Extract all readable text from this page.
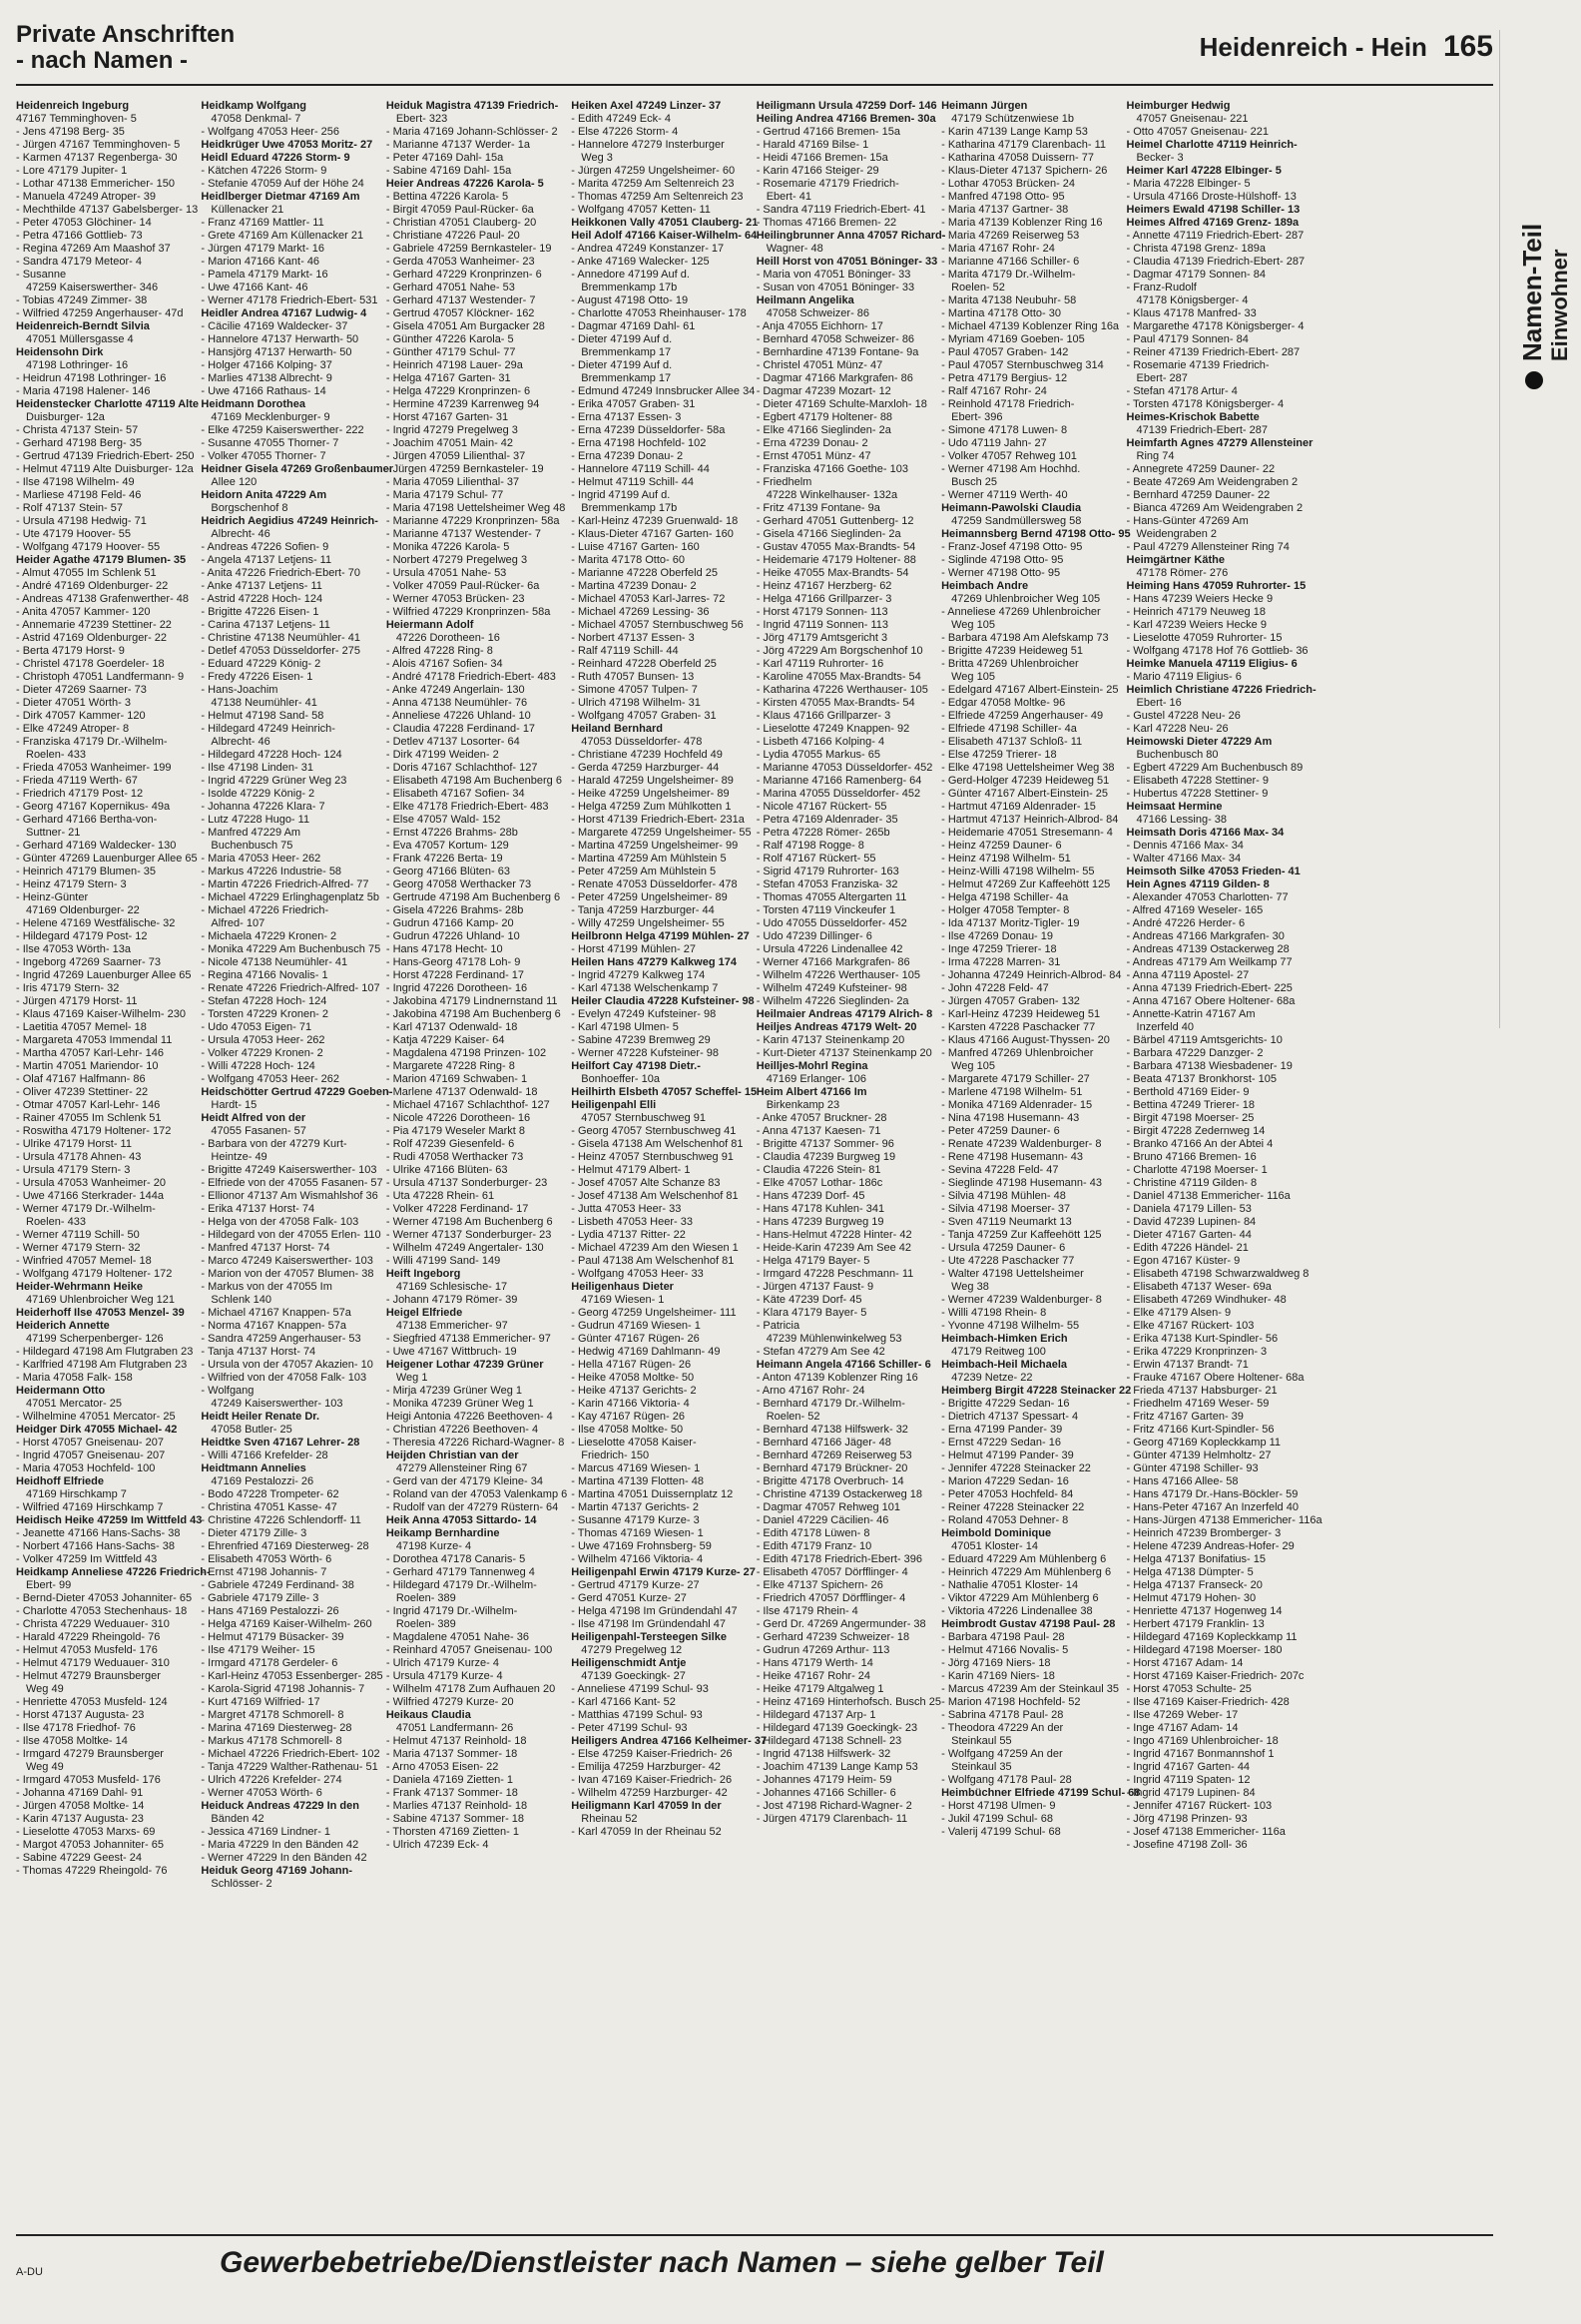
Private Anschriften
- nach Namen -	Heidenreich - Hein 165
Heidenreich Ingeburg
47167 Temminghoven- 5
- Jens 47198 Berg- 35
- Jürgen 47167 Temminghoven- 5
- Karmen 47137 Regenberga- 30
- Lore 47179 Jupiter- 1
- Lothar 47138 Emmericher- 150
- Manuela 47249 Atroper- 39
- Mechthilde 47137 Gabelsberger- 13
- Peter 47053 Glöchiner- 14
- Petra 47166 Gottlieb- 73
- Regina 47269 Am Maashof 37
- Sandra 47179 Meteor- 4
- Susanne
47259 Kaiserswerther- 346
- Tobias 47249 Zimmer- 38
- Wilfried 47259 Angerhauser- 47d
Heidenreich-Berndt Silvia
47051 Müllersgasse 4
Heidensohn Dirk
47198 Lothringer- 16
- Heidrun 47198 Lothringer- 16
- Maria 47198 Halener- 146
Heidenstecker Charlotte 47119 Alte
Duisburger- 12a
- Christa 47137 Stein- 57
- Gerhard 47198 Berg- 35
- Gertrud 47139 Friedrich-Ebert- 250
- Helmut 47119 Alte Duisburger- 12a
- Ilse 47198 Wilhelm- 49
- Marliese 47198 Feld- 46
- Rolf 47137 Stein- 57
- Ursula 47198 Hedwig- 71
- Ute 47179 Hoover- 55
- Wolfgang 47179 Hoover- 55
Heider Agathe 47179 Blumen- 35
- Almut 47055 Im Schlenk 51
- André 47169 Oldenburger- 22
- Andreas 47138 Grafenwerther- 48
- Anita 47057 Kammer- 120
- Annemarie 47239 Stettiner- 22
- Astrid 47169 Oldenburger- 22
- Berta 47179 Horst- 9
- Christel 47178 Goerdeler- 18
- Christoph 47051 Landfermann- 9
- Dieter 47269 Saarner- 73
- Dieter 47051 Wörth- 3
- Dirk 47057 Kammer- 120
- Elke 47249 Atroper- 8
- Franziska 47179 Dr.-Wilhelm-
Roelen- 433
- Frieda 47053 Wanheimer- 199
- Frieda 47119 Werth- 67
- Friedrich 47179 Post- 12
- Georg 47167 Kopernikus- 49a
- Gerhard 47166 Bertha-von-
Suttner- 21
- Gerhard 47169 Waldecker- 130
- Günter 47269 Lauenburger Allee 65
- Heinrich 47179 Blumen- 35
- Heinz 47179 Stern- 3
- Heinz-Günter
47169 Oldenburger- 22
- Helene 47169 Westfälische- 32
- Hildegard 47179 Post- 12
- Ilse 47053 Wörth- 13a
- Ingeborg 47269 Saarner- 73
- Ingrid 47269 Lauenburger Allee 65
- Iris 47179 Stern- 32
- Jürgen 47179 Horst- 11
- Klaus 47169 Kaiser-Wilhelm- 230
- Laetitia 47057 Memel- 18
- Margareta 47053 Immendal 11
- Martha 47057 Karl-Lehr- 146
- Martin 47051 Mariendor- 10
- Olaf 47167 Halfmann- 86
- Oliver 47239 Stettiner- 22
- Otmar 47057 Karl-Lehr- 146
- Rainer 47055 Im Schlenk 51
- Roswitha 47179 Holtener- 172
- Ulrike 47179 Horst- 11
- Ursula 47178 Ahnen- 43
- Ursula 47179 Stern- 3
- Ursula 47053 Wanheimer- 20
- Uwe 47166 Sterkrader- 144a
- Werner 47179 Dr.-Wilhelm-
Roelen- 433
- Werner 47119 Schill- 50
- Werner 47179 Stern- 32
- Winfried 47057 Memel- 18
- Wolfgang 47179 Holtener- 172
Heider-Wehrmann Heike
47169 Uhlenbroicher Weg 121
Heiderhoff Ilse 47053 Menzel- 39
Heiderich Annette
47199 Scherpenberger- 126
- Hildegard 47198 Am Flutgraben 23
- Karlfried 47198 Am Flutgraben 23
- Maria 47058 Falk- 158
Heidermann Otto
47051 Mercator- 25
- Wilhelmine 47051 Mercator- 25
Heidger Dirk 47055 Michael- 42
- Horst 47057 Gneisenau- 207
- Ingrid 47057 Gneisenau- 207
- Maria 47053 Hochfeld- 100
Heidhoff Elfriede
47169 Hirschkamp 7
- Wilfried 47169 Hirschkamp 7
Heidisch Heike 47259 Im Wittfeld 43
- Jeanette 47166 Hans-Sachs- 38
- Norbert 47166 Hans-Sachs- 38
- Volker 47259 Im Wittfeld 43
Heidkamp Anneliese 47226 Friedrich-
Ebert- 99
- Bernd-Dieter 47053 Johanniter- 65
- Charlotte 47053 Stechenhaus- 18
- Christa 47229 Weduauer- 310
- Harald 47229 Rheingold- 76
- Helmut 47053 Musfeld- 176
- Helmut 47179 Weduauer- 310
- Helmut 47279 Braunsberger
Weg 49
- Henriette 47053 Musfeld- 124
- Horst 47137 Augusta- 23
- Ilse 47178 Friedhof- 76
- Ilse 47058 Moltke- 14
- Irmgard 47279 Braunsberger
Weg 49
- Irmgard 47053 Musfeld- 176
- Johanna 47169 Dahl- 91
- Jürgen 47058 Moltke- 14
- Karin 47137 Augusta- 23
- Lieselotte 47053 Marxs- 69
- Margot 47053 Johanniter- 65
- Sabine 47229 Geest- 24
- Thomas 47229 Rheingold- 76
Heidkamp Wolfgang
47058 Denkmal- 7
- Wolfgang 47053 Heer- 256
Heidkrüger Uwe 47053 Moritz- 27
Heidl Eduard 47226 Storm- 9
- Kätchen 47226 Storm- 9
- Stefanie 47059 Auf der Höhe 24
Heidlberger Dietmar 47169 Am
Küllenacker 21
- Franz 47169 Mattler- 11
- Grete 47169 Am Küllenacker 21
- Jürgen 47179 Markt- 16
- Marion 47166 Kant- 46
- Pamela 47179 Markt- 16
- Uwe 47166 Kant- 46
- Werner 47178 Friedrich-Ebert- 531
Heidler Andrea 47167 Ludwig- 4
- Cäcilie 47169 Waldecker- 37
- Hannelore 47137 Herwarth- 50
- Hansjörg 47137 Herwarth- 50
- Holger 47166 Kolping- 37
- Marlies 47138 Albrecht- 9
- Uwe 47166 Rathaus- 14
Heidmann Dorothea
47169 Mecklenburger- 9
- Elke 47259 Kaiserswerther- 222
- Susanne 47055 Thorner- 7
- Volker 47055 Thorner- 7
Heidner Gisela 47269 Großenbaumer
Allee 120
Heidorn Anita 47229 Am
Borgschenhof 8
Heidrich Aegidius 47249 Heinrich-
Albrecht- 46
- Andreas 47226 Sofien- 9
- Angela 47137 Letjens- 11
- Anita 47226 Friedrich-Ebert- 70
- Anke 47137 Letjens- 11
- Astrid 47228 Hoch- 124
- Brigitte 47226 Eisen- 1
- Carina 47137 Letjens- 11
- Christine 47138 Neumühler- 41
- Detlef 47053 Düsseldorfer- 275
- Eduard 47229 König- 2
- Fredy 47226 Eisen- 1
- Hans-Joachim
47138 Neumühler- 41
- Helmut 47198 Sand- 58
- Hildegard 47249 Heinrich-
Albrecht- 46
- Hildegard 47228 Hoch- 124
- Ilse 47198 Linden- 31
- Ingrid 47229 Grüner Weg 23
- Isolde 47229 König- 2
- Johanna 47226 Klara- 7
- Lutz 47228 Hugo- 11
- Manfred 47229 Am
Buchenbusch 75
- Maria 47053 Heer- 262
- Markus 47226 Industrie- 58
- Martin 47226 Friedrich-Alfred- 77
- Michael 47229 Erlinghagenplatz 5b
- Michael 47226 Friedrich-
Alfred- 107
- Michaela 47229 Kronen- 2
- Monika 47229 Am Buchenbusch 75
- Nicole 47138 Neumühler- 41
- Regina 47166 Novalis- 1
- Renate 47226 Friedrich-Alfred- 107
- Stefan 47228 Hoch- 124
- Torsten 47229 Kronen- 2
- Udo 47053 Eigen- 71
- Ursula 47053 Heer- 262
- Volker 47229 Kronen- 2
- Willi 47228 Hoch- 124
- Wolfgang 47053 Heer- 262
Heidschötter Gertrud 47229 Goeben-
Hardt- 15
Heidt Alfred von der
47055 Fasanen- 57
- Barbara von der 47279 Kurt-
Heintze- 49
- Brigitte 47249 Kaiserswerther- 103
- Elfriede von der 47055 Fasanen- 57
- Ellionor 47137 Am Wismahlshof 36
- Erika 47137 Horst- 74
- Helga von der 47058 Falk- 103
- Hildegard von der 47055 Erlen- 110
- Manfred 47137 Horst- 74
- Marco 47249 Kaiserswerther- 103
- Marion von der 47057 Blumen- 38
- Markus von der 47055 Im
Schlenk 140
- Michael 47167 Knappen- 57a
- Norma 47167 Knappen- 57a
- Sandra 47259 Angerhauser- 53
- Tanja 47137 Horst- 74
- Ursula von der 47057 Akazien- 10
- Wilfried von der 47058 Falk- 103
- Wolfgang
47249 Kaiserswerther- 103
Heidt Heiler Renate Dr.
47058 Butler- 25
Heidtke Sven 47167 Lehrer- 28
- Willi 47166 Krefelder- 28
Heidtmann Annelies
47169 Pestalozzi- 26
- Bodo 47228 Trompeter- 62
- Christina 47051 Kasse- 47
- Christine 47226 Schlendorff- 11
- Dieter 47179 Zille- 3
- Ehrenfried 47169 Diesterweg- 28
- Elisabeth 47053 Wörth- 6
- Ernst 47198 Johannis- 7
- Gabriele 47249 Ferdinand- 38
- Gabriele 47179 Zille- 3
- Hans 47169 Pestalozzi- 26
- Helga 47169 Kaiser-Wilhelm- 260
- Helmut 47179 Büsacker- 39
- Ilse 47179 Weiher- 15
- Irmgard 47178 Gerdeler- 6
- Karl-Heinz 47053 Essenberger- 285
- Karola-Sigrid 47198 Johannis- 7
- Kurt 47169 Wilfried- 17
- Margret 47178 Schmorell- 8
- Marina 47169 Diesterweg- 28
- Markus 47178 Schmorell- 8
- Michael 47226 Friedrich-Ebert- 102
- Tanja 47229 Walther-Rathenau- 51
- Ulrich 47226 Krefelder- 274
- Werner 47053 Wörth- 6
Heiduck Andreas 47229 In den
Bänden 42
- Jessica 47169 Lindner- 1
- Maria 47229 In den Bänden 42
- Werner 47229 In den Bänden 42
Heiduk Georg 47169 Johann-
Schlösser- 2
Heiduk Magistra 47139 Friedrich-
Ebert- 323
- Maria 47169 Johann-Schlösser- 2
- Marianne 47137 Werder- 1a
- Peter 47169 Dahl- 15a
- Sabine 47169 Dahl- 15a
Heier Andreas 47226 Karola- 5
- Bettina 47226 Karola- 5
- Birgit 47059 Paul-Rücker- 6a
- Christian 47051 Clauberg- 20
- Christiane 47226 Paul- 20
- Gabriele 47259 Bernkasteler- 19
- Gerda 47053 Wanheimer- 23
- Gerhard 47229 Kronprinzen- 6
- Gerhard 47051 Nahe- 53
- Gerhard 47137 Westender- 7
- Gertrud 47057 Klöckner- 162
- Gisela 47051 Am Burgacker 28
- Günther 47226 Karola- 5
- Günther 47179 Schul- 77
- Heinrich 47198 Lauer- 29a
- Helga 47167 Garten- 31
- Helga 47229 Kronprinzen- 6
- Hermine 47239 Karrenweg 94
- Horst 47167 Garten- 31
- Ingrid 47279 Pregelweg 3
- Joachim 47051 Main- 42
- Jürgen 47059 Lilienthal- 37
- Jürgen 47259 Bernkasteler- 19
- Maria 47059 Lilienthal- 37
- Maria 47179 Schul- 77
- Maria 47198 Uettelsheimer Weg 48
- Marianne 47229 Kronprinzen- 58a
- Marianne 47137 Westender- 7
- Monika 47226 Karola- 5
- Norbert 47279 Pregelweg 3
- Ursula 47051 Nahe- 53
- Volker 47059 Paul-Rücker- 6a
- Werner 47053 Brücken- 23
- Wilfried 47229 Kronprinzen- 58a
Heiermann Adolf
47226 Dorotheen- 16
- Alfred 47228 Ring- 8
- Alois 47167 Sofien- 34
- André 47178 Friedrich-Ebert- 483
- Anke 47249 Angerlain- 130
- Anna 47138 Neumühler- 76
- Anneliese 47226 Uhland- 10
- Claudia 47228 Ferdinand- 17
- Detlev 47137 Losorter- 64
- Dirk 47199 Weiden- 2
- Doris 47167 Schlachthof- 127
- Elisabeth 47198 Am Buchenberg 6
- Elisabeth 47167 Sofien- 34
- Elke 47178 Friedrich-Ebert- 483
- Else 47057 Wald- 152
- Ernst 47226 Brahms- 28b
- Eva 47057 Kortum- 129
- Frank 47226 Berta- 19
- Georg 47166 Blüten- 63
- Georg 47058 Werthacker 73
- Gertrude 47198 Am Buchenberg 6
- Gisela 47226 Brahms- 28b
- Gudrun 47166 Kamp- 20
- Gudrun 47226 Uhland- 10
- Hans 47178 Hecht- 10
- Hans-Georg 47178 Loh- 9
- Horst 47228 Ferdinand- 17
- Ingrid 47226 Dorotheen- 16
- Jakobina 47179 Lindnernstand 11
- Jakobina 47198 Am Buchenberg 6
- Karl 47137 Odenwald- 18
- Katja 47229 Kaiser- 64
- Magdalena 47198 Prinzen- 102
- Margarete 47228 Ring- 8
- Marion 47169 Schwaben- 1
- Marlene 47137 Odenwald- 18
- Michael 47167 Schlachthof- 127
- Nicole 47226 Dorotheen- 16
- Pia 47179 Weseler Markt 8
- Rolf 47239 Giesenfeld- 6
- Rudi 47058 Werthacker 73
- Ulrike 47166 Blüten- 63
- Ursula 47137 Sonderburger- 23
- Uta 47228 Rhein- 61
- Volker 47228 Ferdinand- 17
- Werner 47198 Am Buchenberg 6
- Werner 47137 Sonderburger- 23
- Wilhelm 47249 Angertaler- 130
- Willi 47199 Sand- 149
Heift Ingeborg
47169 Schlesische- 17
- Johann 47179 Römer- 39
Heigel Elfriede
47138 Emmericher- 97
- Siegfried 47138 Emmericher- 97
- Uwe 47167 Wittbruch- 19
Heigener Lothar 47239 Grüner
Weg 1
- Mirja 47239 Grüner Weg 1
- Monika 47239 Grüner Weg 1
Heigi Antonia 47226 Beethoven- 4
- Christian 47226 Beethoven- 4
- Theresia 47226 Richard-Wagner- 8
Heijden Christian van der
47279 Allensteiner Ring 67
- Gerd van der 47179 Kleine- 34
- Roland van der 47053 Valenkamp 6
- Rudolf van der 47279 Rüstern- 64
Heik Anna 47053 Sittardo- 14
Heikamp Bernhardine
47198 Kurze- 4
- Dorothea 47178 Canaris- 5
- Gerhard 47179 Tannenweg 4
- Hildegard 47179 Dr.-Wilhelm-
Roelen- 389
- Ingrid 47179 Dr.-Wilhelm-
Roelen- 389
- Magdalene 47051 Nahe- 36
- Reinhard 47057 Gneisenau- 100
- Ulrich 47179 Kurze- 4
- Ursula 47179 Kurze- 4
- Wilhelm 47178 Zum Aufhauen 20
- Wilfried 47279 Kurze- 20
Heikaus Claudia
47051 Landfermann- 26
- Helmut 47137 Reinhold- 18
- Maria 47137 Sommer- 18
- Arno 47053 Eisen- 22
- Daniela 47169 Zietten- 1
- Frank 47137 Sommer- 18
- Marlies 47137 Reinhold- 18
- Sabine 47137 Sommer- 18
- Thorsten 47169 Zietten- 1
- Ulrich 47239 Eck- 4
Heiken Axel 47249 Linzer- 37
- Edith 47249 Eck- 4
- Else 47226 Storm- 4
- Hannelore 47279 Insterburger
Weg 3
- Jürgen 47259 Ungelsheimer- 60
- Marita 47259 Am Seltenreich 23
- Thomas 47259 Am Seltenreich 23
- Wolfgang 47057 Ketten- 11
Heikkonen Vally 47051 Clauberg- 21
Heil Adolf 47166 Kaiser-Wilhelm- 64
- Andrea 47249 Konstanzer- 17
- Anke 47169 Walecker- 125
- Annedore 47199 Auf d.
Bremmenkamp 17b
- August 47198 Otto- 19
- Charlotte 47053 Rheinhauser- 178
- Dagmar 47169 Dahl- 61
- Dieter 47199 Auf d.
Bremmenkamp 17
- Dieter 47199 Auf d.
Bremmenkamp 17
- Edmund 47249 Innsbrucker Allee 34
- Erika 47057 Graben- 31
- Erna 47137 Essen- 3
- Erna 47239 Düsseldorfer- 58a
- Erna 47198 Hochfeld- 102
- Erna 47239 Donau- 2
- Hannelore 47119 Schill- 44
- Helmut 47119 Schill- 44
- Ingrid 47199 Auf d.
Bremmenkamp 17b
- Karl-Heinz 47239 Gruenwald- 18
- Klaus-Dieter 47167 Garten- 160
- Luise 47167 Garten- 160
- Marita 47178 Otto- 60
- Marianne 47228 Oberfeld 25
- Martina 47239 Donau- 2
- Michael 47053 Karl-Jarres- 72
- Michael 47269 Lessing- 36
- Michael 47057 Sternbuschweg 56
- Norbert 47137 Essen- 3
- Ralf 47119 Schill- 44
- Reinhard 47228 Oberfeld 25
- Ruth 47057 Bunsen- 13
- Simone 47057 Tulpen- 7
- Ulrich 47198 Wilhelm- 31
- Wolfgang 47057 Graben- 31
Heiland Bernhard
47053 Düsseldorfer- 478
- Christiane 47239 Hochfeld 49
- Gerda 47259 Harzburger- 44
- Harald 47259 Ungelsheimer- 89
- Heike 47259 Ungelsheimer- 89
- Helga 47259 Zum Mühlkotten 1
- Horst 47139 Friedrich-Ebert- 231a
- Margarete 47259 Ungelsheimer- 55
- Martina 47259 Ungelsheimer- 99
- Martina 47259 Am Mühlstein 5
- Peter 47259 Am Mühlstein 5
- Renate 47053 Düsseldorfer- 478
- Peter 47259 Ungelsheimer- 89
- Tanja 47259 Harzburger- 44
- Willy 47259 Ungelsheimer- 55
Heilbronn Helga 47199 Mühlen- 27
- Horst 47199 Mühlen- 27
Heilen Hans 47279 Kalkweg 174
- Ingrid 47279 Kalkweg 174
- Karl 47138 Welschenkamp 7
Heiler Claudia 47228 Kufsteiner- 98
- Evelyn 47249 Kufsteiner- 98
- Karl 47198 Ulmen- 5
- Sabine 47239 Bremweg 29
- Werner 47228 Kufsteiner- 98
Heilfort Cay 47198 Dietr.-
Bonhoeffer- 10a
Heilhirth Elsbeth 47057 Scheffel- 15
Heiligenpahl Elli
47057 Sternbuschweg 91
- Georg 47057 Sternbuschweg 41
- Gisela 47138 Am Welschenhof 81
- Heinz 47057 Sternbuschweg 91
- Helmut 47179 Albert- 1
- Josef 47057 Alte Schanze 83
- Josef 47138 Am Welschenhof 81
- Jutta 47053 Heer- 33
- Lisbeth 47053 Heer- 33
- Lydia 47137 Ritter- 22
- Michael 47239 Am den Wiesen 1
- Paul 47138 Am Welschenhof 81
- Wolfgang 47053 Heer- 33
Heiligenhaus Dieter
47169 Wiesen- 1
- Georg 47259 Ungelsheimer- 111
- Gudrun 47169 Wiesen- 1
- Günter 47167 Rügen- 26
- Hedwig 47169 Dahlmann- 49
- Hella 47167 Rügen- 26
- Heike 47058 Moltke- 50
- Heike 47137 Gerichts- 2
- Karin 47166 Viktoria- 4
- Kay 47167 Rügen- 26
- Ilse 47058 Moltke- 50
- Lieselotte 47058 Kaiser-
Friedrich- 150
- Marcus 47169 Wiesen- 1
- Martina 47139 Flotten- 48
- Martina 47051 Duissernplatz 12
- Martin 47137 Gerichts- 2
- Susanne 47179 Kurze- 3
- Thomas 47169 Wiesen- 1
- Uwe 47169 Frohnsberg- 59
- Wilhelm 47166 Viktoria- 4
Heiligenpahl Erwin 47179 Kurze- 27
- Gertrud 47179 Kurze- 27
- Gerd 47051 Kurze- 27
- Helga 47198 Im Gründendahl 47
- Ilse 47198 Im Gründendahl 47
Heiligenpahl-Tersteegen Silke
47279 Pregelweg 12
Heiligenschmidt Antje
47139 Goeckingk- 27
- Anneliese 47199 Schul- 93
- Karl 47166 Kant- 52
- Matthias 47199 Schul- 93
- Peter 47199 Schul- 93
Heiligers Andrea 47166 Kelheimer- 37
- Else 47259 Kaiser-Friedrich- 26
- Emilija 47259 Harzburger- 42
- Ivan 47169 Kaiser-Friedrich- 26
- Wilhelm 47259 Harzburger- 42
Heiligmann Karl 47059 In der
Rheinau 52
- Karl 47059 In der Rheinau 52
Heiligmann Ursula 47259 Dorf- 146
Heiling Andrea 47166 Bremen- 30a
- Gertrud 47166 Bremen- 15a
- Harald 47169 Bilse- 1
- Heidi 47166 Bremen- 15a
- Karin 47166 Steiger- 29
- Rosemarie 47179 Friedrich-
Ebert- 41
- Sandra 47119 Friedrich-Ebert- 41
- Thomas 47166 Bremen- 22
Heilingbrunner Anna 47057 Richard-
Wagner- 48
Heill Horst von 47051 Böninger- 33
- Maria von 47051 Böninger- 33
- Susan von 47051 Böninger- 33
Heilmann Angelika
47058 Schweizer- 86
- Anja 47055 Eichhorn- 17
- Bernhard 47058 Schweizer- 86
- Bernhardine 47139 Fontane- 9a
- Christel 47051 Münz- 47
- Dagmar 47166 Markgrafen- 86
- Dagmar 47239 Mozart- 12
- Dieter 47169 Schulte-Marxloh- 18
- Egbert 47179 Holtener- 88
- Elke 47166 Sieglinden- 2a
- Erna 47239 Donau- 2
- Ernst 47051 Münz- 47
- Franziska 47166 Goethe- 103
- Friedhelm
47228 Winkelhauser- 132a
- Fritz 47139 Fontane- 9a
- Gerhard 47051 Guttenberg- 12
- Gisela 47166 Sieglinden- 2a
- Gustav 47055 Max-Brandts- 54
- Heidemarie 47179 Holtener- 88
- Heike 47055 Max-Brandts- 54
- Heinz 47167 Herzberg- 62
- Helga 47166 Grillparzer- 3
- Horst 47179 Sonnen- 113
- Ingrid 47119 Sonnen- 113
- Jörg 47179 Amtsgericht 3
- Jörg 47229 Am Borgschenhof 10
- Karl 47119 Ruhrorter- 16
- Karoline 47055 Max-Brandts- 54
- Katharina 47226 Werthauser- 105
- Kirsten 47055 Max-Brandts- 54
- Klaus 47166 Grillparzer- 3
- Lieselotte 47249 Knappen- 92
- Lisbeth 47166 Kolping- 4
- Lydia 47055 Markus- 65
- Marianne 47053 Düsseldorfer- 452
- Marianne 47166 Ramenberg- 64
- Marina 47055 Düsseldorfer- 452
- Nicole 47167 Rückert- 55
- Petra 47169 Aldenrader- 35
- Petra 47228 Römer- 265b
- Ralf 47198 Rogge- 8
- Rolf 47167 Rückert- 55
- Sigrid 47179 Ruhrorter- 163
- Stefan 47053 Franziska- 32
- Thomas 47055 Altergarten 11
- Torsten 47119 Vinckeufer 1
- Udo 47055 Düsseldorfer- 452
- Udo 47239 Dillinger- 6
- Ursula 47226 Lindenallee 42
- Werner 47166 Markgrafen- 86
- Wilhelm 47226 Werthauser- 105
- Wilhelm 47249 Kufsteiner- 98
- Wilhelm 47226 Sieglinden- 2a
Heilmaier Andreas 47179 Alrich- 8
Heiljes Andreas 47179 Welt- 20
- Karin 47137 Steinenkamp 20
- Kurt-Dieter 47137 Steinenkamp 20
Heilljes-Mohrl Regina
47169 Erlanger- 106
Heim Albert 47166 Im
Birkenkamp 23
- Anke 47057 Bruckner- 28
- Anna 47137 Kaesen- 71
- Brigitte 47137 Sommer- 96
- Claudia 47239 Burgweg 19
- Claudia 47226 Stein- 81
- Elke 47057 Lothar- 186c
- Hans 47239 Dorf- 45
- Hans 47178 Kuhlen- 341
- Hans 47239 Burgweg 19
- Hans-Helmut 47228 Hinter- 42
- Heide-Karin 47239 Am See 42
- Helga 47179 Bayer- 5
- Irmgard 47228 Peschmann- 11
- Jürgen 47137 Faust- 9
- Käte 47239 Dorf- 45
- Klara 47179 Bayer- 5
- Patricia
47239 Mühlenwinkelweg 53
- Stefan 47279 Am See 42
Heimann Angela 47166 Schiller- 6
- Anton 47139 Koblenzer Ring 16
- Arno 47167 Rohr- 24
- Bernhard 47179 Dr.-Wilhelm-
Roelen- 52
- Bernhard 47138 Hilfswerk- 32
- Bernhard 47166 Jäger- 48
- Bernhard 47269 Reiserweg 53
- Bernhard 47179 Brückner- 20
- Brigitte 47178 Overbruch- 14
- Christine 47139 Ostackerweg 18
- Dagmar 47057 Rehweg 101
- Daniel 47229 Cäcilien- 46
- Edith 47178 Lüwen- 8
- Edith 47179 Franz- 10
- Edith 47178 Friedrich-Ebert- 396
- Elisabeth 47057 Dörfflinger- 4
- Elke 47137 Spichern- 26
- Friedrich 47057 Dörfflinger- 4
- Ilse 47179 Rhein- 4
- Gerd Dr. 47269 Angermunder- 38
- Gerhard 47239 Schweizer- 18
- Gudrun 47269 Arthur- 113
- Hans 47179 Werth- 14
- Heike 47167 Rohr- 24
- Heike 47179 Altgalweg 1
- Heinz 47169 Hinterhofsch. Busch 25
- Hildegard 47137 Arp- 1
- Hildegard 47139 Goeckingk- 23
- Hildegard 47138 Schnell- 23
- Ingrid 47138 Hilfswerk- 32
- Joachim 47139 Lange Kamp 53
- Johannes 47179 Heim- 59
- Johannes 47166 Schiller- 6
- Jost 47198 Richard-Wagner- 2
- Jürgen 47179 Clarenbach- 11
Heimann Jürgen
47179 Schützenwiese 1b
- Karin 47139 Lange Kamp 53
- Katharina 47179 Clarenbach- 11
- Katharina 47058 Duissern- 77
- Klaus-Dieter 47137 Spichern- 26
- Lothar 47053 Brücken- 24
- Manfred 47198 Otto- 95
- Maria 47137 Gartner- 38
- Maria 47139 Koblenzer Ring 16
- Maria 47269 Reiserweg 53
- Maria 47167 Rohr- 24
- Marianne 47166 Schiller- 6
- Marita 47179 Dr.-Wilhelm-
Roelen- 52
- Marita 47138 Neubuhr- 58
- Martina 47178 Otto- 30
- Michael 47139 Koblenzer Ring 16a
- Myriam 47169 Goeben- 105
- Paul 47057 Graben- 142
- Paul 47057 Sternbuschweg 314
- Petra 47179 Bergius- 12
- Ralf 47167 Rohr- 24
- Reinhold 47178 Friedrich-
Ebert- 396
- Simone 47178 Luwen- 8
- Udo 47119 Jahn- 27
- Volker 47057 Rehweg 101
- Werner 47198 Am Hochhd.
Busch 25
- Werner 47119 Werth- 40
Heimann-Pawolski Claudia
47259 Sandmüllersweg 58
Heimannsberg Bernd 47198 Otto- 95
- Franz-Josef 47198 Otto- 95
- Siglinde 47198 Otto- 95
- Werner 47198 Otto- 95
Heimbach Andre
47269 Uhlenbroicher Weg 105
- Anneliese 47269 Uhlenbroicher
Weg 105
- Barbara 47198 Am Alefskamp 73
- Brigitte 47239 Heideweg 51
- Britta 47269 Uhlenbroicher
Weg 105
- Edelgard 47167 Albert-Einstein- 25
- Edgar 47058 Moltke- 96
- Elfriede 47259 Angerhauser- 49
- Elfriede 47198 Schiller- 4a
- Elisabeth 47137 Schloß- 11
- Else 47259 Trierer- 18
- Elke 47198 Uettelsheimer Weg 38
- Gerd-Holger 47239 Heideweg 51
- Günter 47167 Albert-Einstein- 25
- Hartmut 47169 Aldenrader- 15
- Hartmut 47137 Heinrich-Albrod- 84
- Heidemarie 47051 Stresemann- 4
- Heinz 47259 Dauner- 6
- Heinz 47198 Wilhelm- 51
- Heinz-Willi 47198 Wilhelm- 55
- Helmut 47269 Zur Kaffeehött 125
- Helga 47198 Schiller- 4a
- Holger 47058 Tempter- 8
- Ida 47137 Moritz-Tigler- 19
- Ilse 47269 Donau- 19
- Inge 47259 Trierer- 18
- Irma 47228 Marren- 31
- Johanna 47249 Heinrich-Albrod- 84
- John 47228 Feld- 47
- Jürgen 47057 Graben- 132
- Karl-Heinz 47239 Heideweg 51
- Karsten 47228 Paschacker 77
- Klaus 47166 August-Thyssen- 20
- Manfred 47269 Uhlenbroicher
Weg 105
- Margarete 47179 Schiller- 27
- Marlene 47198 Wilhelm- 51
- Monika 47169 Aldenrader- 15
- Nina 47198 Husemann- 43
- Peter 47259 Dauner- 6
- Renate 47239 Waldenburger- 8
- Rene 47198 Husemann- 43
- Sevina 47228 Feld- 47
- Sieglinde 47198 Husemann- 43
- Silvia 47198 Mühlen- 48
- Silvia 47198 Moerser- 37
- Sven 47119 Neumarkt 13
- Tanja 47259 Zur Kaffeehött 125
- Ursula 47259 Dauner- 6
- Ute 47228 Paschacker 77
- Walter 47198 Uettelsheimer
Weg 38
- Werner 47239 Waldenburger- 8
- Willi 47198 Rhein- 8
- Yvonne 47198 Wilhelm- 55
Heimbach-Himken Erich
47179 Reitweg 100
Heimbach-Heil Michaela
47239 Netze- 22
Heimberg Birgit 47228 Steinacker 22
- Brigitte 47229 Sedan- 16
- Dietrich 47137 Spessart- 4
- Erna 47199 Pander- 39
- Ernst 47229 Sedan- 16
- Helmut 47199 Pander- 39
- Jennifer 47228 Steinacker 22
- Marion 47229 Sedan- 16
- Peter 47053 Hochfeld- 84
- Reiner 47228 Steinacker 22
- Roland 47053 Dehner- 8
Heimbold Dominique
47051 Kloster- 14
- Eduard 47229 Am Mühlenberg 6
- Heinrich 47229 Am Mühlenberg 6
- Nathalie 47051 Kloster- 14
- Viktor 47229 Am Mühlenberg 6
- Viktoria 47226 Lindenallee 38
Heimbrodt Gustav 47198 Paul- 28
- Barbara 47198 Paul- 28
- Helmut 47166 Novalis- 5
- Jörg 47169 Niers- 18
- Karin 47169 Niers- 18
- Marcus 47239 Am der Steinkaul 35
- Marion 47198 Hochfeld- 52
- Sabrina 47178 Paul- 28
- Theodora 47229 An der
Steinkaul 55
- Wolfgang 47259 An der
Steinkaul 35
- Wolfgang 47178 Paul- 28
Heimbüchner Elfriede 47199 Schul- 68
- Horst 47198 Ulmen- 9
- Jukil 47199 Schul- 68
- Valerij 47199 Schul- 68
Heimburger Hedwig
47057 Gneisenau- 221
- Otto 47057 Gneisenau- 221
Heimel Charlotte 47119 Heinrich-
Becker- 3
Heimer Karl 47228 Elbinger- 5
- Maria 47228 Elbinger- 5
- Ursula 47166 Droste-Hülshoff- 13
Heimers Ewald 47198 Schiller- 13
Heimes Alfred 47169 Grenz- 189a
- Annette 47119 Friedrich-Ebert- 287
- Christa 47198 Grenz- 189a
- Claudia 47139 Friedrich-Ebert- 287
- Dagmar 47179 Sonnen- 84
- Franz-Rudolf
47178 Königsberger- 4
- Klaus 47178 Manfred- 33
- Margarethe 47178 Königsberger- 4
- Paul 47179 Sonnen- 84
- Reiner 47139 Friedrich-Ebert- 287
- Rosemarie 47139 Friedrich-
Ebert- 287
- Stefan 47178 Artur- 4
- Torsten 47178 Königsberger- 4
Heimes-Krischok Babette
47139 Friedrich-Ebert- 287
Heimfarth Agnes 47279 Allensteiner
Ring 74
- Annegrete 47259 Dauner- 22
- Beate 47269 Am Weidengraben 2
- Bernhard 47259 Dauner- 22
- Bianca 47269 Am Weidengraben 2
- Hans-Günter 47269 Am
Weidengraben 2
- Paul 47279 Allensteiner Ring 74
Heimgärtner Käthe
47178 Römer- 276
Heiming Hans 47059 Ruhrorter- 15
- Hans 47239 Weiers Hecke 9
- Heinrich 47179 Neuweg 18
- Karl 47239 Weiers Hecke 9
- Lieselotte 47059 Ruhrorter- 15
- Wolfgang 47178 Hof 76 Gottlieb- 36
Heimke Manuela 47119 Eligius- 6
- Mario 47119 Eligius- 6
Heimlich Christiane 47226 Friedrich-
Ebert- 16
- Gustel 47228 Neu- 26
- Karl 47228 Neu- 26
Heimowski Dieter 47229 Am
Buchenbusch 80
- Egbert 47229 Am Buchenbusch 89
- Elisabeth 47228 Stettiner- 9
- Hubertus 47228 Stettiner- 9
Heimsaat Hermine
47166 Lessing- 38
Heimsath Doris 47166 Max- 34
- Dennis 47166 Max- 34
- Walter 47166 Max- 34
Heimsoth Silke 47053 Frieden- 41
Hein Agnes 47119 Gilden- 8
- Alexander 47053 Charlotten- 77
- Alfred 47169 Weseler- 165
- André 47226 Herder- 6
- Andreas 47166 Markgrafen- 30
- Andreas 47139 Ostackerweg 28
- Andreas 47179 Am Weilkamp 77
- Anna 47119 Apostel- 27
- Anna 47139 Friedrich-Ebert- 225
- Anna 47167 Obere Holtener- 68a
- Annette-Katrin 47167 Am
Inzerfeld 40
- Bärbel 47119 Amtsgerichts- 10
- Barbara 47229 Danzger- 2
- Barbara 47138 Wiesbadener- 19
- Beata 47137 Bronkhorst- 105
- Berthold 47169 Eider- 9
- Bettina 47249 Trierer- 18
- Birgit 47198 Moerser- 25
- Birgit 47228 Zedernweg 14
- Branko 47166 An der Abtei 4
- Bruno 47166 Bremen- 16
- Charlotte 47198 Moerser- 1
- Christine 47119 Gilden- 8
- Daniel 47138 Emmericher- 116a
- Daniela 47179 Lillen- 53
- David 47239 Lupinen- 84
- Dieter 47167 Garten- 44
- Edith 47226 Händel- 21
- Egon 47167 Küster- 9
- Elisabeth 47198 Schwarzwaldweg 8
- Elisabeth 47137 Weser- 69a
- Elisabeth 47269 Windhuker- 48
- Elke 47179 Alsen- 9
- Elke 47167 Rückert- 103
- Erika 47138 Kurt-Spindler- 56
- Erika 47229 Kronprinzen- 3
- Erwin 47137 Brandt- 71
- Frauke 47167 Obere Holtener- 68a
- Frieda 47137 Habsburger- 21
- Friedhelm 47169 Weser- 59
- Fritz 47167 Garten- 39
- Fritz 47166 Kurt-Spindler- 56
- Georg 47169 Kopleckkamp 11
- Günter 47139 Helmholtz- 27
- Günter 47198 Schiller- 93
- Hans 47166 Allee- 58
- Hans 47179 Dr.-Hans-Böckler- 59
- Hans-Peter 47167 An Inzerfeld 40
- Hans-Jürgen 47138 Emmericher- 116a
- Heinrich 47239 Bromberger- 3
- Helene 47239 Andreas-Hofer- 29
- Helga 47137 Bonifatius- 15
- Helga 47138 Dümpter- 5
- Helga 47137 Franseck- 20
- Helmut 47179 Hohen- 30
- Henriette 47137 Hogenweg 14
- Herbert 47179 Franklin- 13
- Hildegard 47169 Kopleckkamp 11
- Hildegard 47198 Moerser- 180
- Horst 47167 Adam- 14
- Horst 47169 Kaiser-Friedrich- 207c
- Horst 47053 Schulte- 25
- Ilse 47169 Kaiser-Friedrich- 428
- Ilse 47269 Weber- 17
- Inge 47167 Adam- 14
- Ingo 47169 Uhlenbroicher- 18
- Ingrid 47167 Bonmannshof 1
- Ingrid 47167 Garten- 44
- Ingrid 47119 Spaten- 12
- Ingrid 47179 Lupinen- 84
- Jennifer 47167 Rückert- 103
- Jörg 47198 Prinzen- 93
- Josef 47138 Emmericher- 116a
- Josefine 47198 Zoll- 36
Namen-Teil Einwohner
A-DU	Gewerbebetriebe/Dienstleister nach Namen – siehe gelber Teil
